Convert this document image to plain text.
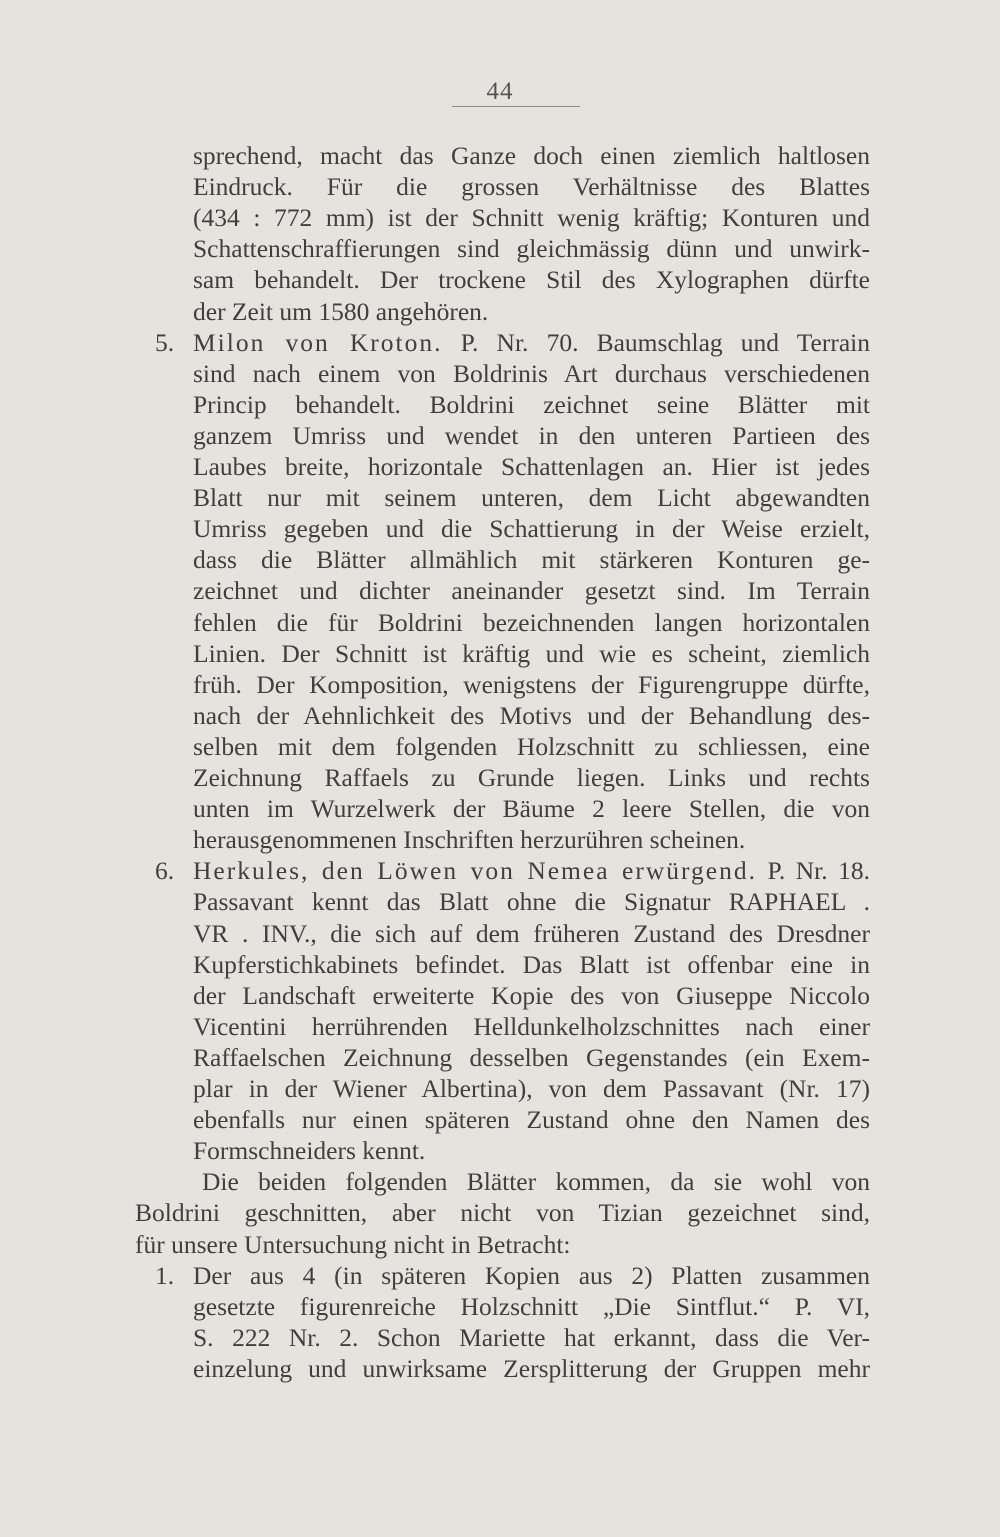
44
sprechend, macht das Ganze doch einen ziemlich haltlosen
Eindruck. Für die grossen Verhältnisse des Blattes
(434 : 772 mm) ist der Schnitt wenig kräftig; Konturen und
Schattenschraffierungen sind gleichmässig dünn und unwirk-
sam behandelt. Der trockene Stil des Xylographen dürfte
der Zeit um 1580 angehören.
5. Milon von Kroton. P. Nr. 70. Baumschlag und Terrain
sind nach einem von Boldrinis Art durchaus verschiedenen
Princip behandelt. Boldrini zeichnet seine Blätter mit
ganzem Umriss und wendet in den unteren Partieen des
Laubes breite, horizontale Schattenlagen an. Hier ist jedes
Blatt nur mit seinem unteren, dem Licht abgewandten
Umriss gegeben und die Schattierung in der Weise erzielt,
dass die Blätter allmählich mit stärkeren Konturen ge-
zeichnet und dichter aneinander gesetzt sind. Im Terrain
fehlen die für Boldrini bezeichnenden langen horizontalen
Linien. Der Schnitt ist kräftig und wie es scheint, ziemlich
früh. Der Komposition, wenigstens der Figurengruppe dürfte,
nach der Aehnlichkeit des Motivs und der Behandlung des-
selben mit dem folgenden Holzschnitt zu schliessen, eine
Zeichnung Raffaels zu Grunde liegen. Links und rechts
unten im Wurzelwerk der Bäume 2 leere Stellen, die von
herausgenommenen Inschriften herzurühren scheinen.
6. Herkules, den Löwen von Nemea erwürgend. P. Nr. 18.
Passavant kennt das Blatt ohne die Signatur RAPHAEL .
VR . INV., die sich auf dem früheren Zustand des Dresdner
Kupferstichkabinets befindet. Das Blatt ist offenbar eine in
der Landschaft erweiterte Kopie des von Giuseppe Niccolo
Vicentini herrührenden Helldunkelholzschnittes nach einer
Raffaelschen Zeichnung desselben Gegenstandes (ein Exem-
plar in der Wiener Albertina), von dem Passavant (Nr. 17)
ebenfalls nur einen späteren Zustand ohne den Namen des
Formschneiders kennt.
Die beiden folgenden Blätter kommen, da sie wohl von
Boldrini geschnitten, aber nicht von Tizian gezeichnet sind,
für unsere Untersuchung nicht in Betracht:
1. Der aus 4 (in späteren Kopien aus 2) Platten zusammen
gesetzte figurenreiche Holzschnitt „Die Sintflut.“ P. VI,
S. 222 Nr. 2. Schon Mariette hat erkannt, dass die Ver-
einzelung und unwirksame Zersplitterung der Gruppen mehr
